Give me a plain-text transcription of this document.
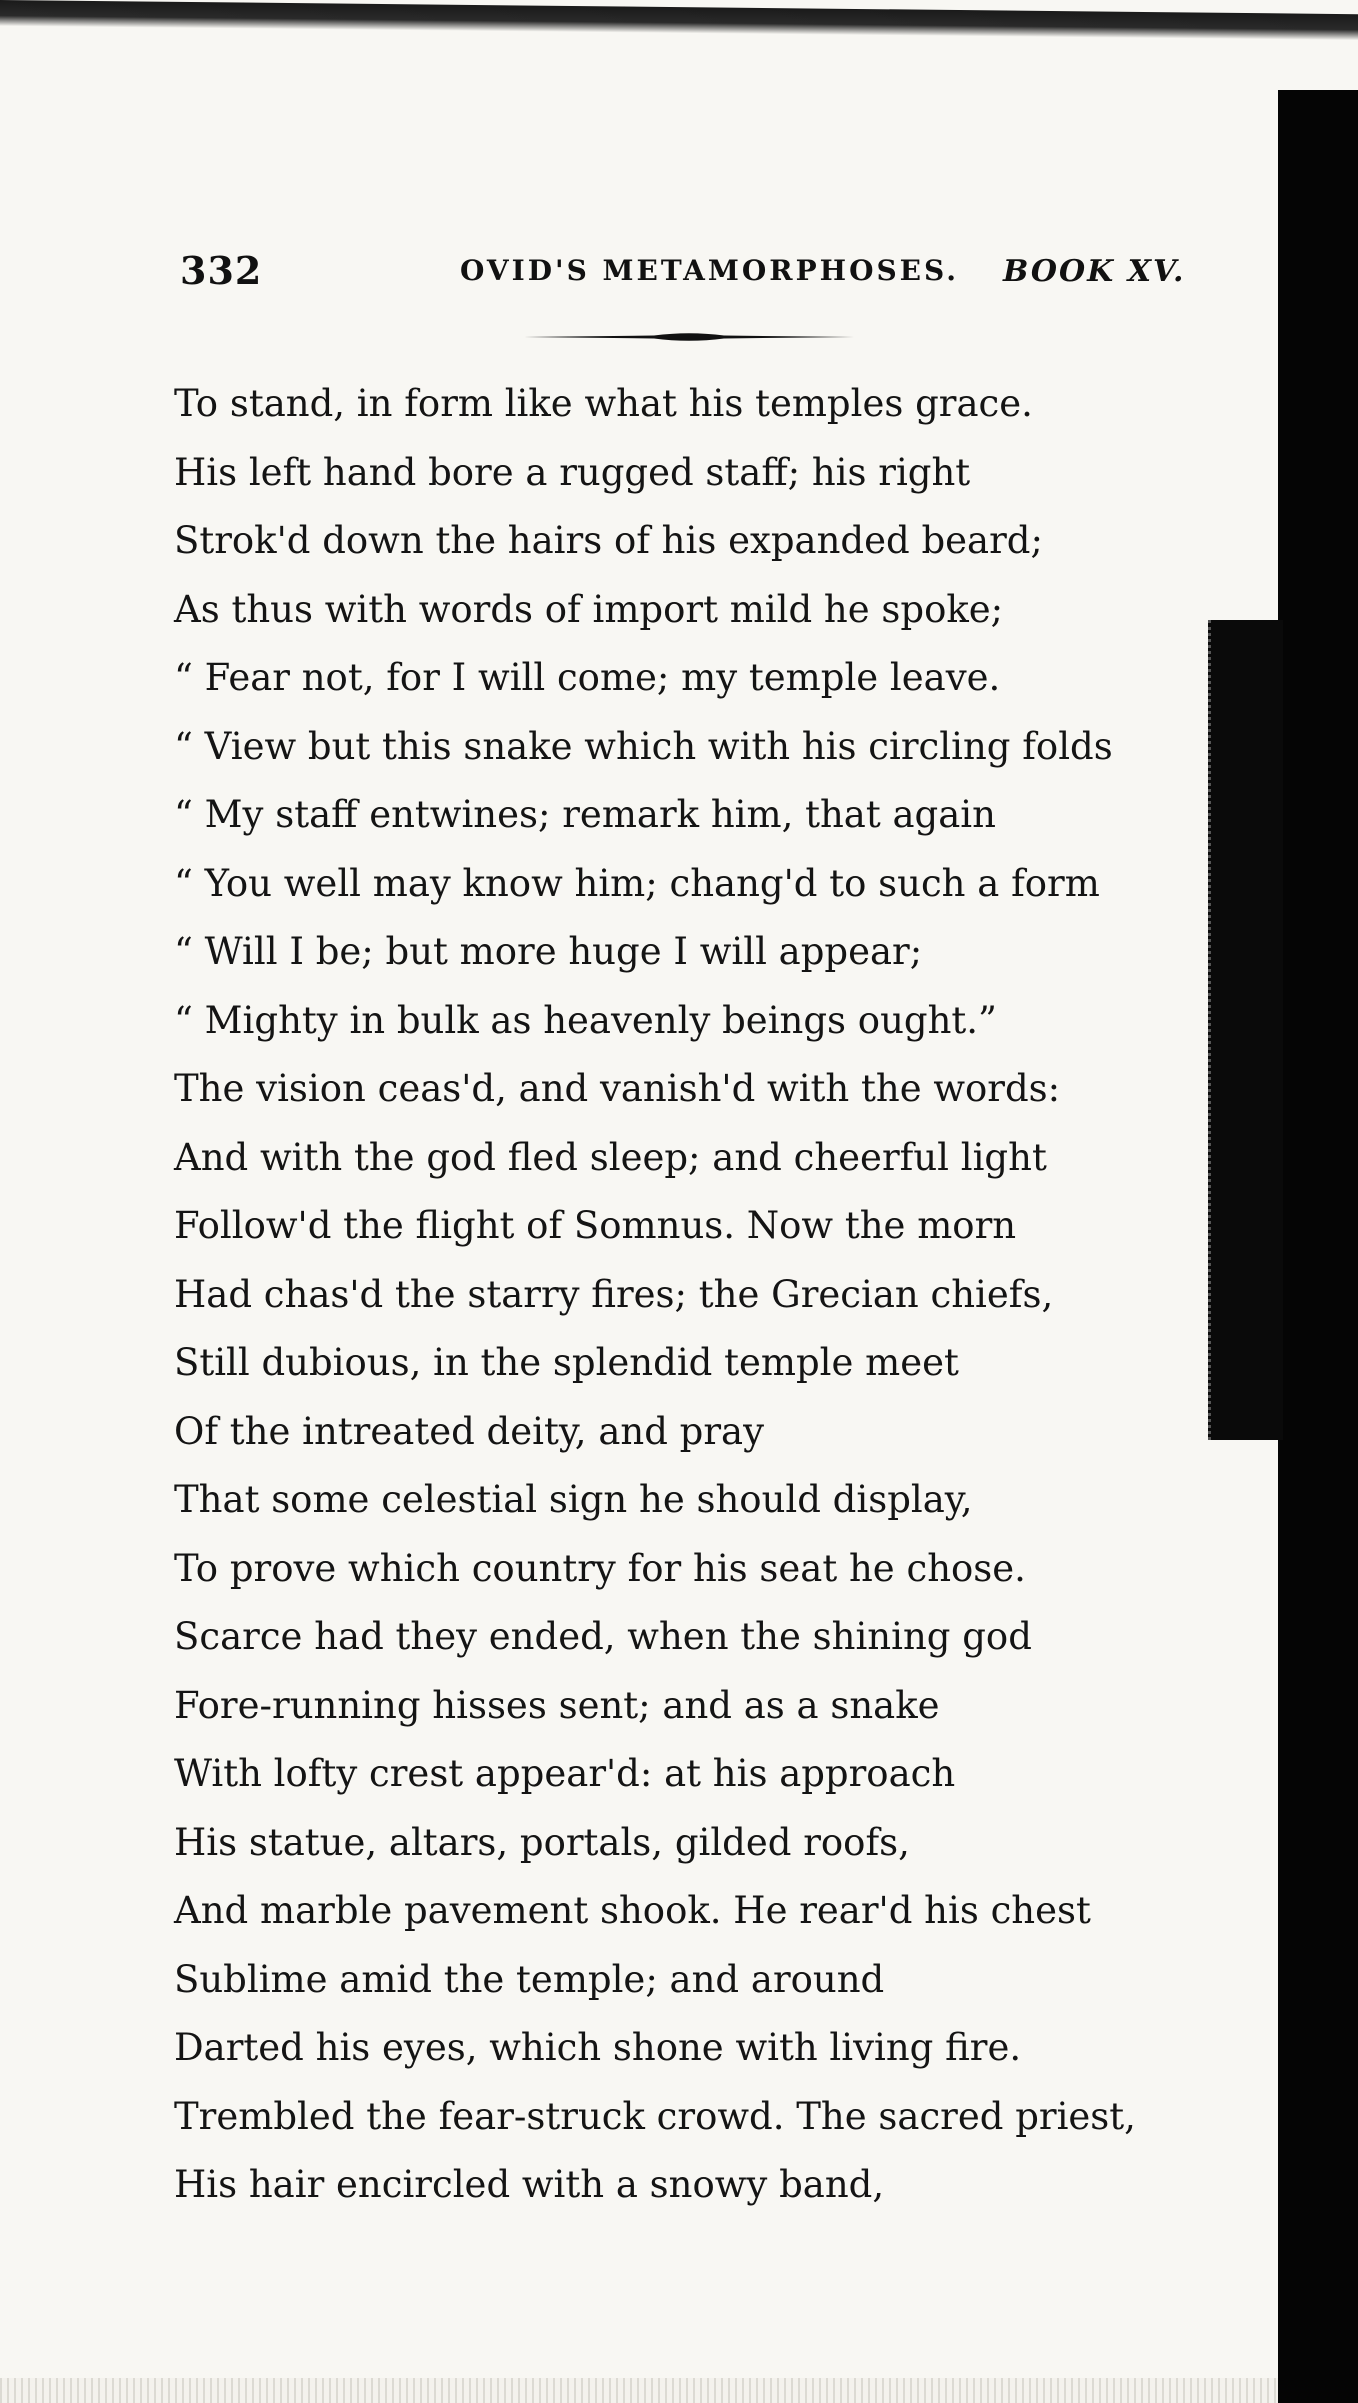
332	OVID'S METAMORPHOSES. BOOK XV.
To stand, in form like what his temples grace.
His left hand bore a rugged staff; his right
Strok'd down the hairs of his expanded beard;
As thus with words of import mild he spoke;
“ Fear not, for I will come; my temple leave.
“ View but this snake which with his circling folds
“ My staff entwines; remark him, that again
“ You well may know him; chang'd to such a form
“ Will I be; but more huge I will appear;
“ Mighty in bulk as heavenly beings ought.”
The vision ceas'd, and vanish'd with the words:
And with the god fled sleep; and cheerful light
Follow'd the flight of Somnus. Now the morn
Had chas'd the starry fires; the Grecian chiefs,
Still dubious, in the splendid temple meet
Of the intreated deity, and pray
That some celestial sign he should display,
To prove which country for his seat he chose.
Scarce had they ended, when the shining god
Fore-running hisses sent; and as a snake
With lofty crest appear'd: at his approach
His statue, altars, portals, gilded roofs,
And marble pavement shook. He rear'd his chest
Sublime amid the temple; and around
Darted his eyes, which shone with living fire.
Trembled the fear-struck crowd. The sacred priest,
His hair encircled with a snowy band,
